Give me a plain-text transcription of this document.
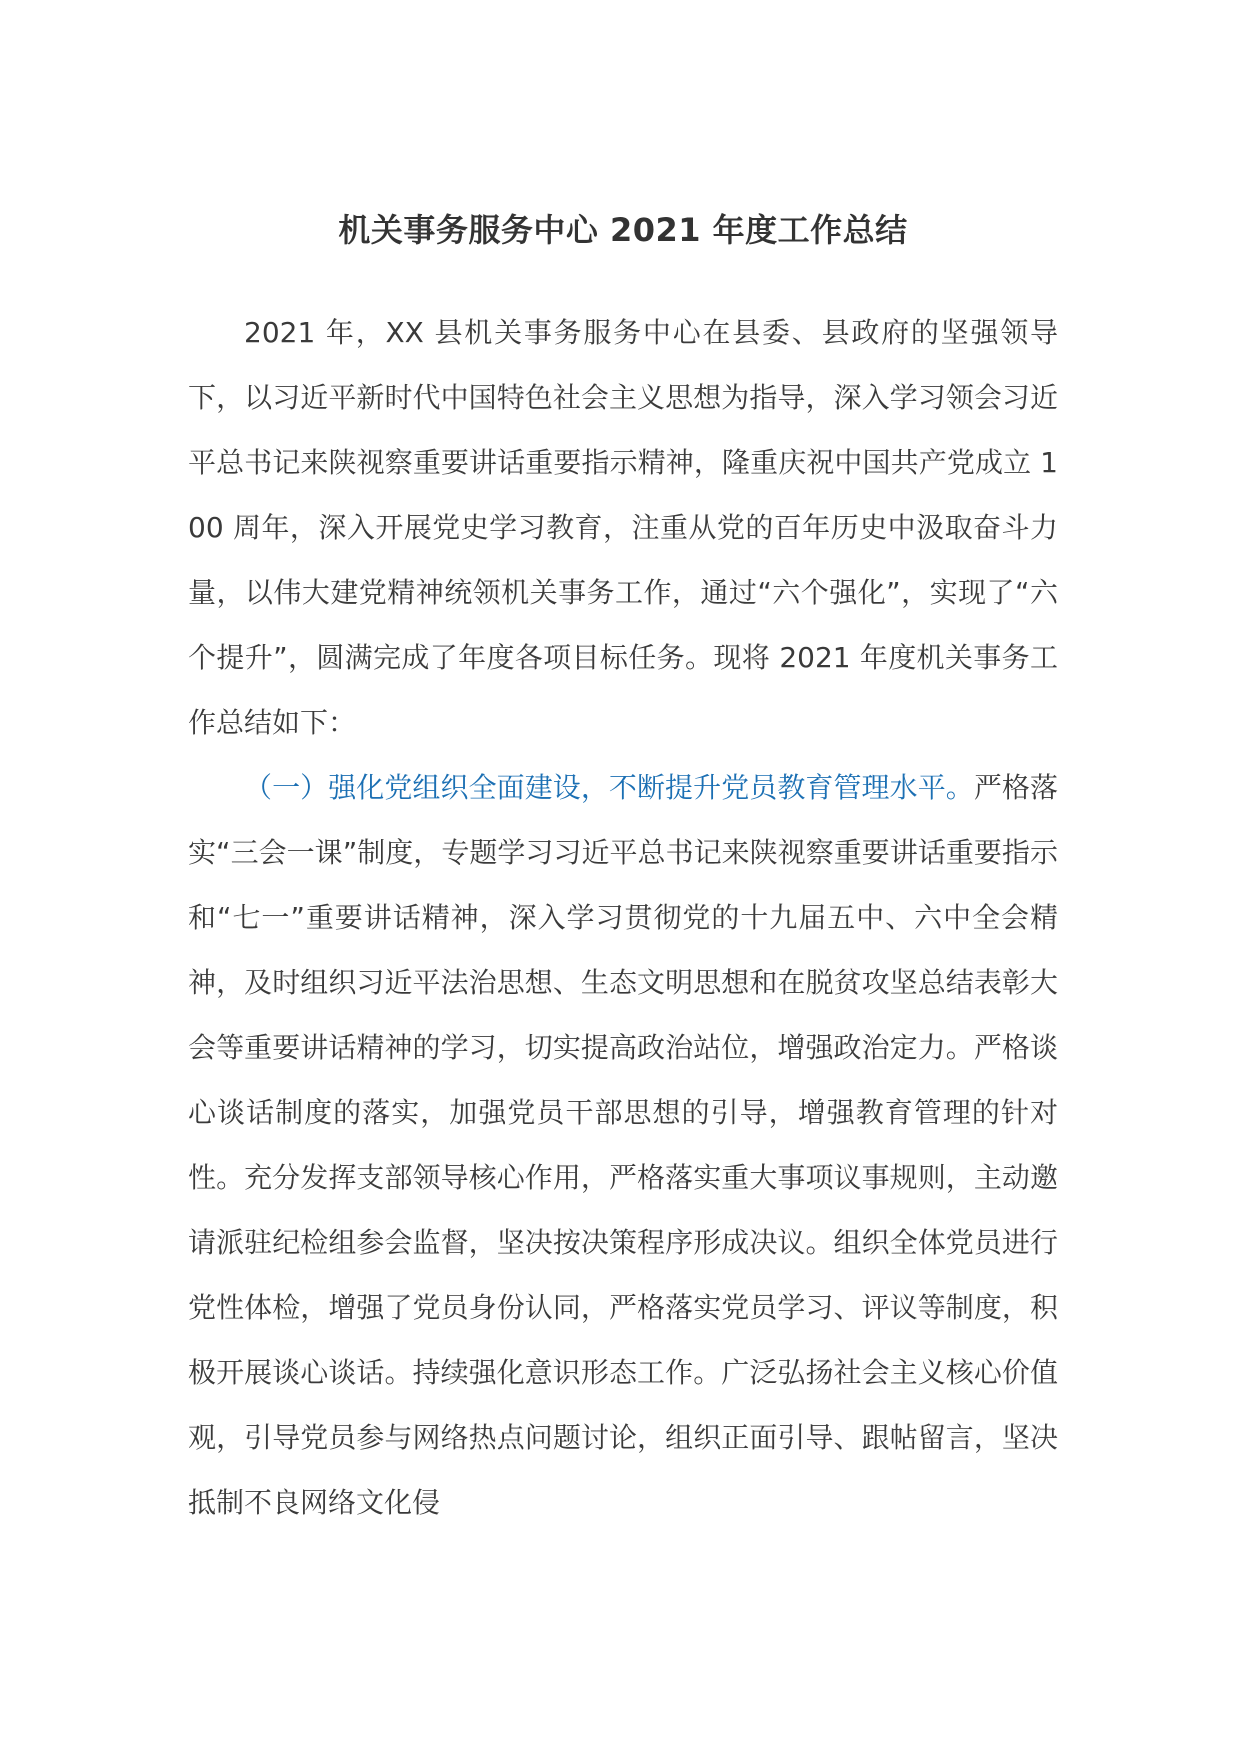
机关事务服务中心 2021 年度工作总结

2021 年，XX 县机关事务服务中心在县委、县政府的坚强领导下，以习近平新时代中国特色社会主义思想为指导，深入学习领会习近平总书记来陕视察重要讲话重要指示精神，隆重庆祝中国共产党成立 100 周年，深入开展党史学习教育，注重从党的百年历史中汲取奋斗力量，以伟大建党精神统领机关事务工作，通过“六个强化”，实现了“六个提升”，圆满完成了年度各项目标任务。现将 2021 年度机关事务工作总结如下：

（一）强化党组织全面建设，不断提升党员教育管理水平。严格落实“三会一课”制度，专题学习习近平总书记来陕视察重要讲话重要指示和“七一”重要讲话精神，深入学习贯彻党的十九届五中、六中全会精神，及时组织习近平法治思想、生态文明思想和在脱贫攻坚总结表彰大会等重要讲话精神的学习，切实提高政治站位，增强政治定力。严格谈心谈话制度的落实，加强党员干部思想的引导，增强教育管理的针对性。充分发挥支部领导核心作用，严格落实重大事项议事规则，主动邀请派驻纪检组参会监督，坚决按决策程序形成决议。组织全体党员进行党性体检，增强了党员身份认同，严格落实党员学习、评议等制度，积极开展谈心谈话。持续强化意识形态工作。广泛弘扬社会主义核心价值观，引导党员参与网络热点问题讨论，组织正面引导、跟帖留言，坚决抵制不良网络文化侵
